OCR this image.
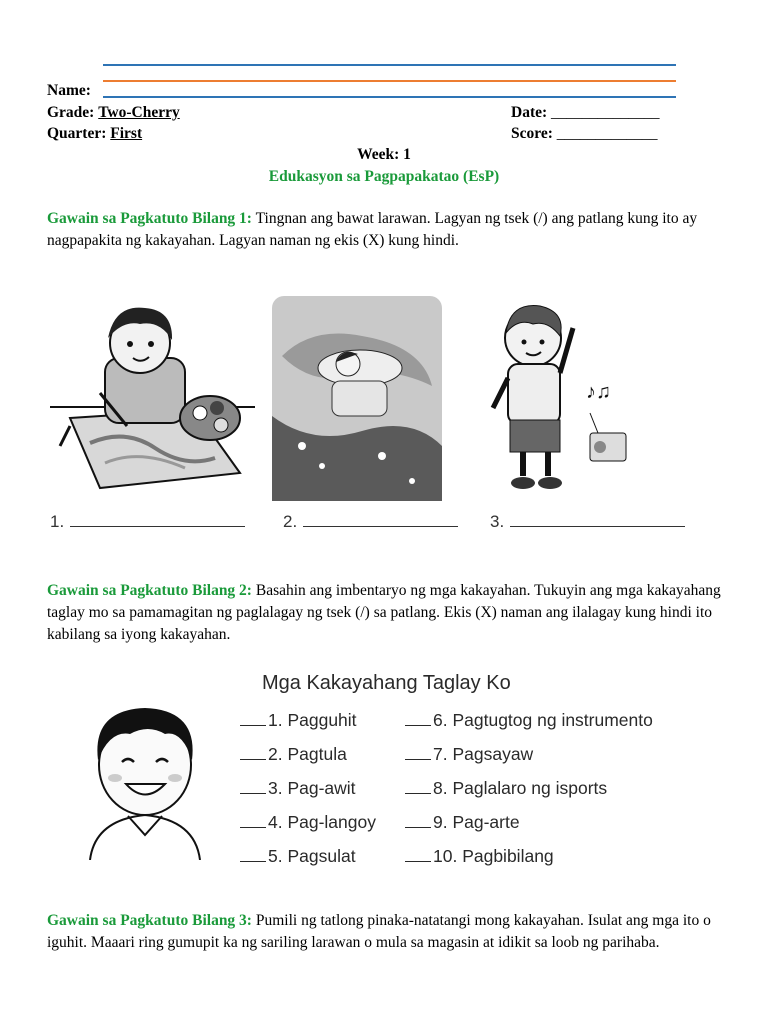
Name:
Grade: Two-Cherry
Quarter: First
Date: ______________
Score: _____________
Week: 1
Edukasyon sa Pagpapakatao (EsP)
Gawain sa Pagkatuto Bilang 1: Tingnan ang bawat larawan. Lagyan ng tsek (/) ang patlang kung ito ay nagpapakita ng kakayahan. Lagyan naman ng ekis (X) kung hindi.
♪♫
1.	2.	3.
Gawain sa Pagkatuto Bilang 2: Basahin ang imbentaryo ng mga kakayahan. Tukuyin ang mga kakayahang taglay mo sa pamamagitan ng paglalagay ng tsek (/) sa patlang. Ekis (X) naman ang ilalagay kung hindi ito kabilang sa iyong kakayahan.
Mga Kakayahang Taglay Ko
1. Pagguhit
2. Pagtula
3. Pag-awit
4. Pag-langoy
5. Pagsulat
6. Pagtugtog ng instrumento
7. Pagsayaw
8. Paglalaro ng isports
9. Pag-arte
10. Pagbibilang
Gawain sa Pagkatuto Bilang 3: Pumili ng tatlong pinaka-natatangi mong kakayahan. Isulat ang mga ito o iguhit. Maaari ring gumupit ka ng sariling larawan o mula sa magasin at idikit sa loob ng parihaba.
